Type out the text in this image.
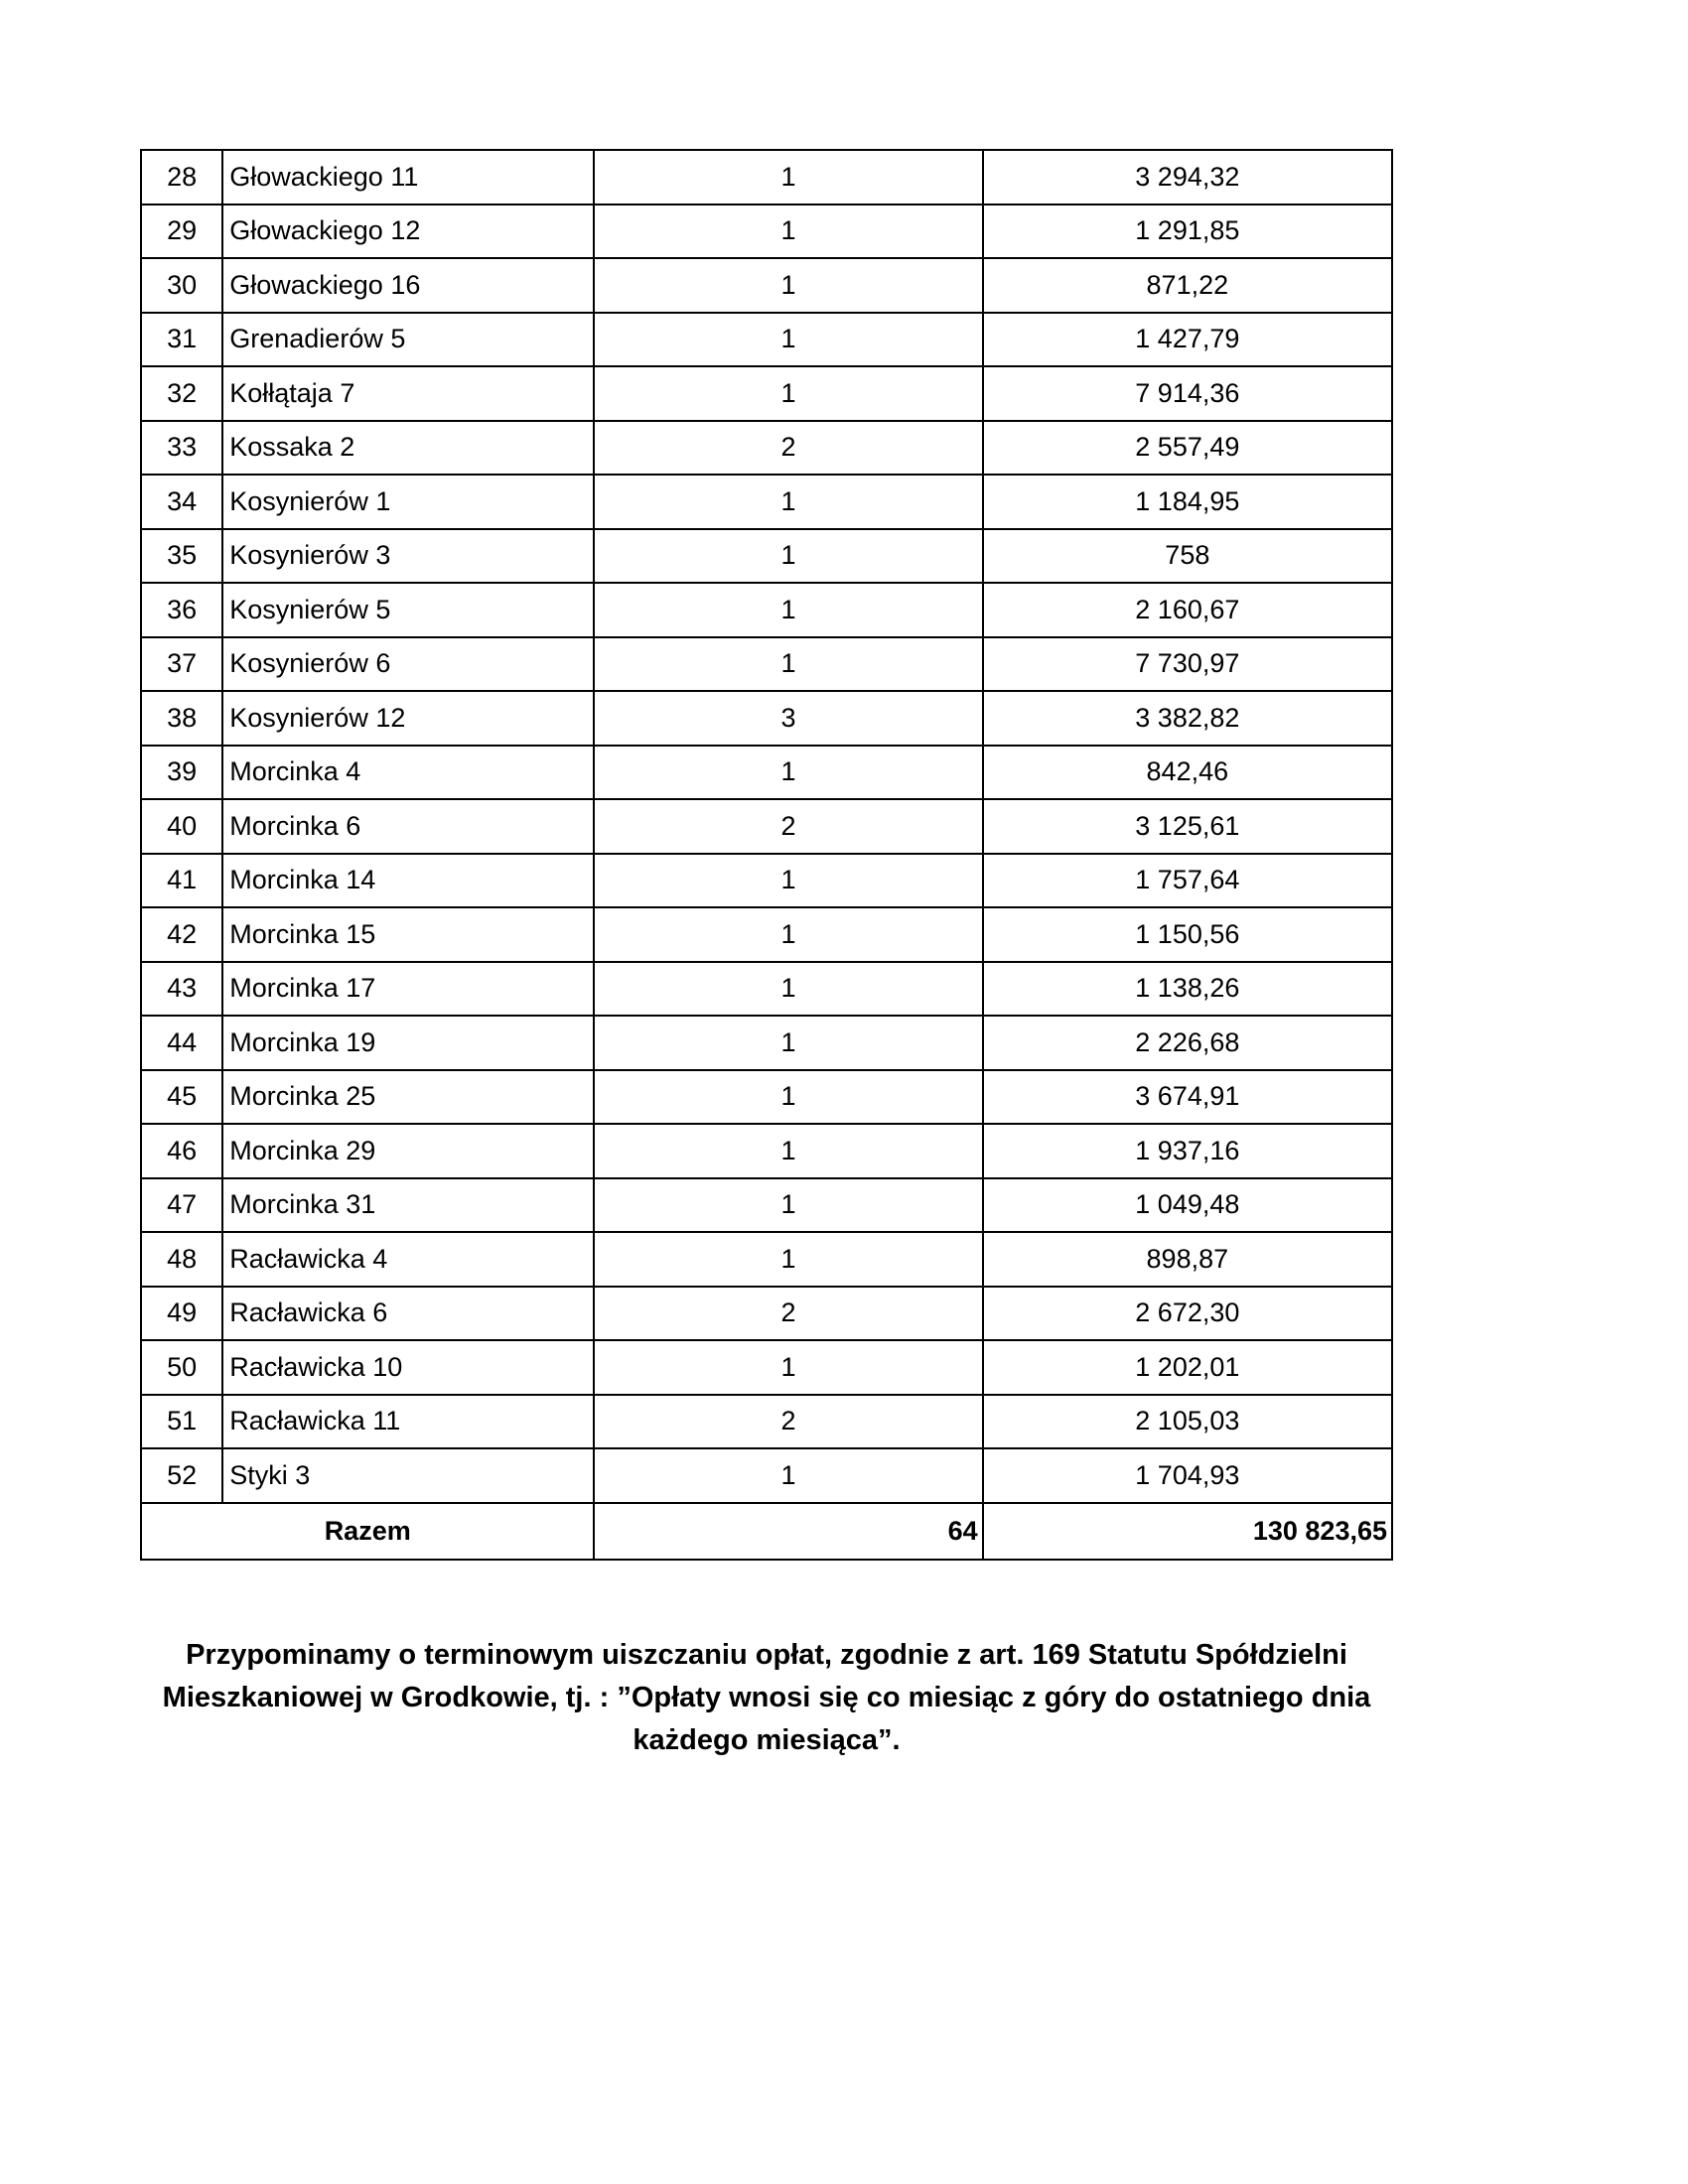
28	Głowackiego 11	1	3 294,32
29	Głowackiego 12	1	1 291,85
30	Głowackiego 16	1	871,22
31	Grenadierów 5	1	1 427,79
32	Kołłątaja 7	1	7 914,36
33	Kossaka 2	2	2 557,49
34	Kosynierów 1	1	1 184,95
35	Kosynierów 3	1	758
36	Kosynierów 5	1	2 160,67
37	Kosynierów 6	1	7 730,97
38	Kosynierów 12	3	3 382,82
39	Morcinka 4	1	842,46
40	Morcinka 6	2	3 125,61
41	Morcinka 14	1	1 757,64
42	Morcinka 15	1	1 150,56
43	Morcinka 17	1	1 138,26
44	Morcinka 19	1	2 226,68
45	Morcinka 25	1	3 674,91
46	Morcinka 29	1	1 937,16
47	Morcinka 31	1	1 049,48
48	Racławicka 4	1	898,87
49	Racławicka 6	2	2 672,30
50	Racławicka 10	1	1 202,01
51	Racławicka 11	2	2 105,03
52	Styki 3	1	1 704,93
Razem		64	130 823,65
Przypominamy o terminowym uiszczaniu opłat, zgodnie z art. 169 Statutu Spółdzielni
Mieszkaniowej w Grodkowie, tj. : ”Opłaty wnosi się co miesiąc z góry do ostatniego dnia
każdego miesiąca”.
